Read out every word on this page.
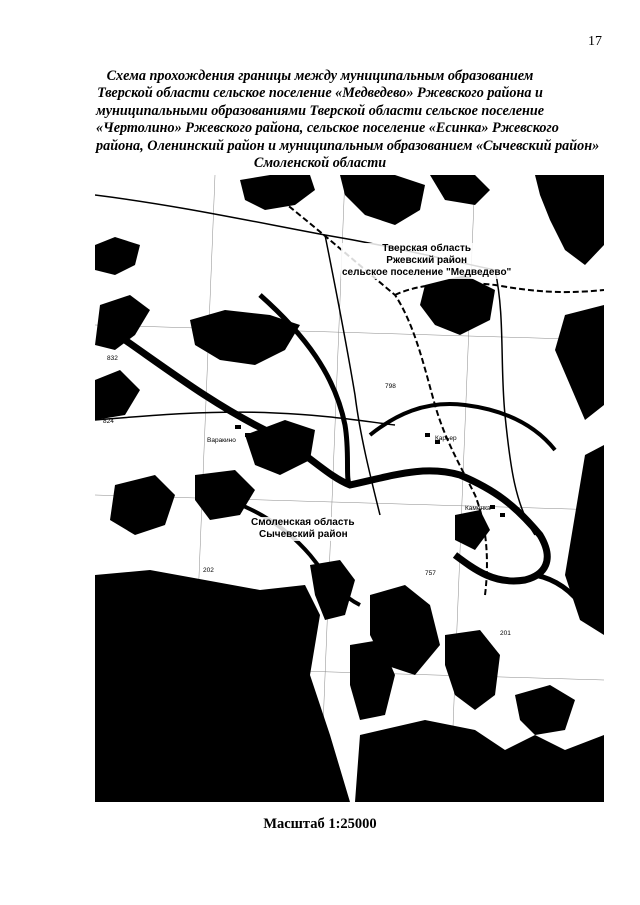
17
Схема прохождения границы между муниципальным образованием
Тверской области сельское поселение «Медведево» Ржевского района и
муниципальными образованиями Тверской области сельское поселение
«Чертолино» Ржевского района, сельское поселение «Есинка» Ржевского
района, Оленинский район и муниципальным образованием «Сычевский район»
Смоленской области
Тверская область
Ржевский район
сельское поселение "Медведево"
Смоленская область
Сычевский район
Варакино	Карьер
Каменка
832
824
798
202
201
205
206
207
757
Масштаб 1:25000
